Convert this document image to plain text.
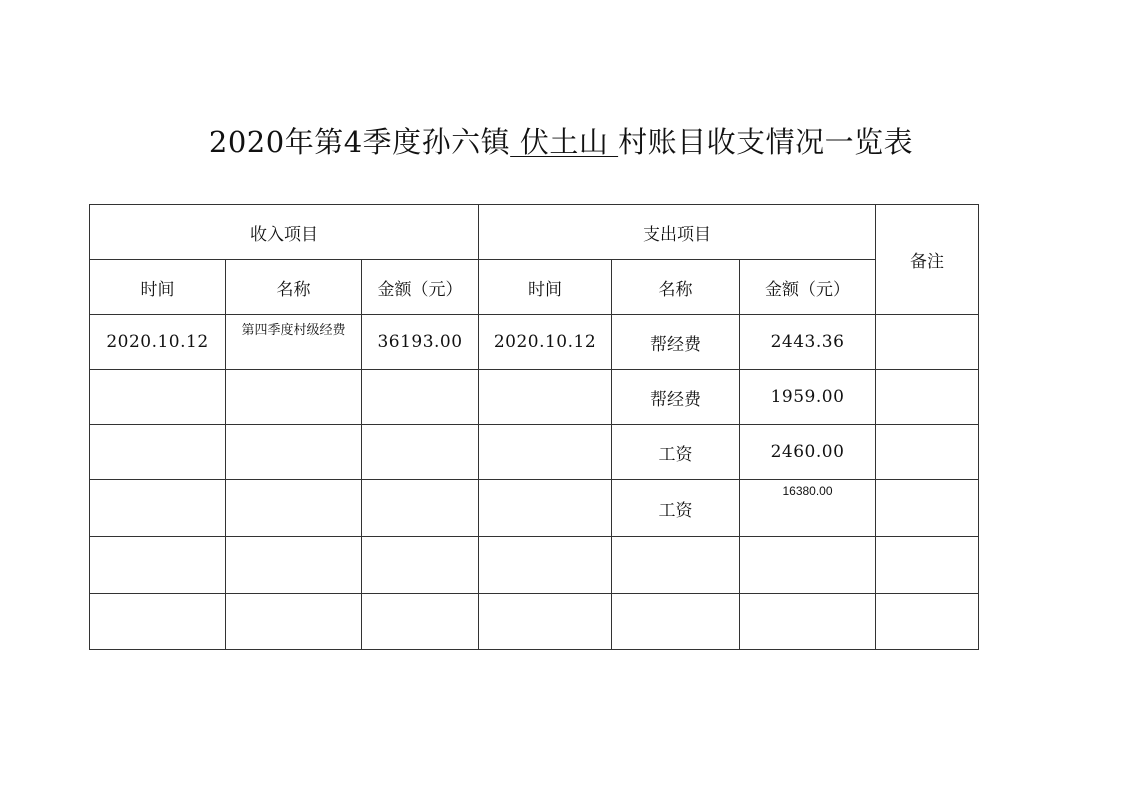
2020年第4季度孙六镇 伏土山 村账目收支情况一览表
收入项目			支出项目			备注
时间	名称	金额（元）	时间	名称	金额（元）	
2020.10.12	第四季度村级经费	36193.00	2020.10.12	帮经费	2443.36	
				帮经费	1959.00	
				工资	2460.00	
				工资	16380.00	
